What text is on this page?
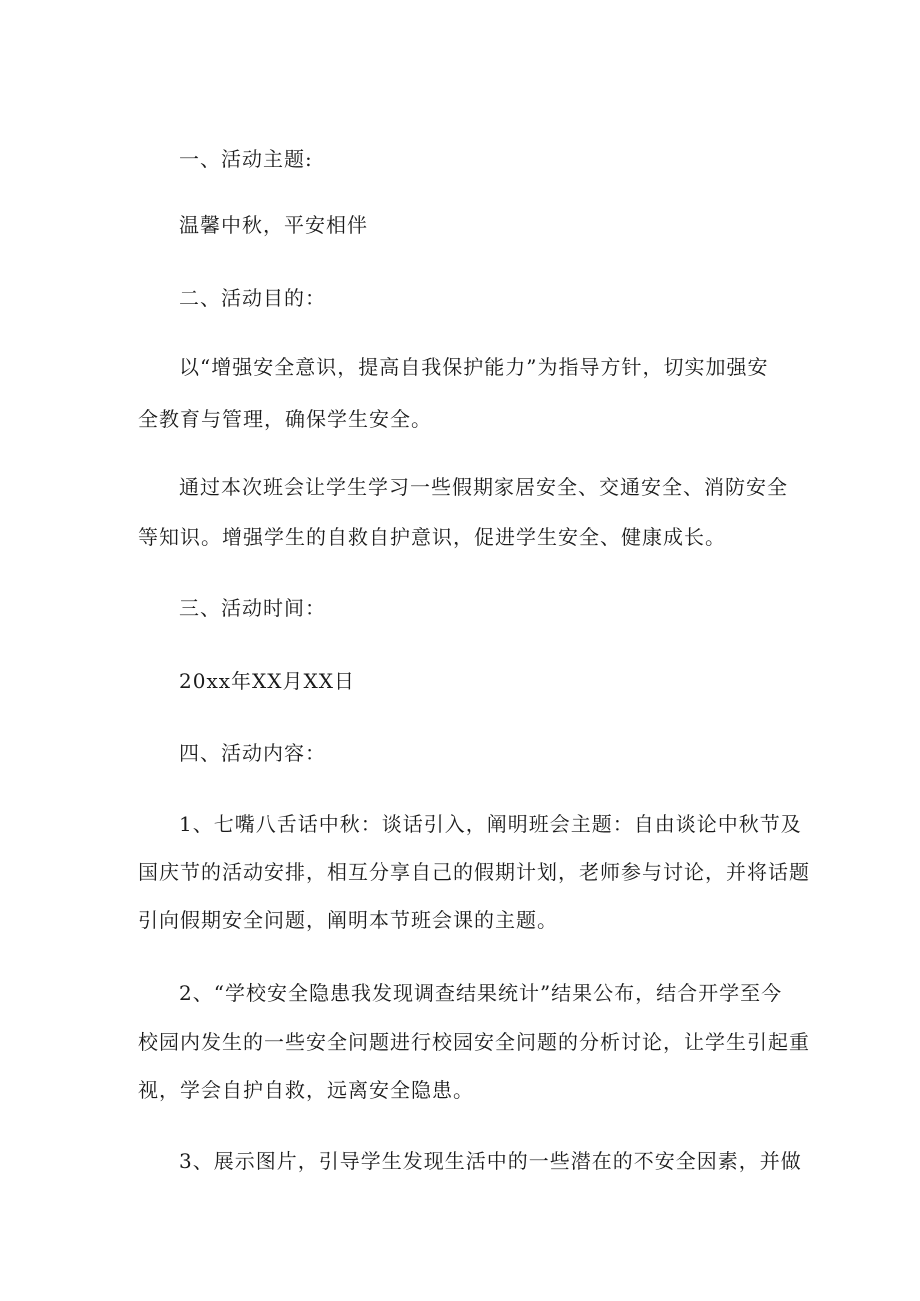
一、活动主题:
温馨中秋，平安相伴
二、活动目的：
以“增强安全意识，提高自我保护能力”为指导方针，切实加强安
全教育与管理，确保学生安全。
通过本次班会让学生学习一些假期家居安全、交通安全、消防安全
等知识。增强学生的自救自护意识，促进学生安全、健康成长。
三、活动时间：
20xx年XX月XX日
四、活动内容：
1、七嘴八舌话中秋：谈话引入，阐明班会主题：自由谈论中秋节及
国庆节的活动安排，相互分享自己的假期计划，老师参与讨论，并将话题
引向假期安全问题，阐明本节班会课的主题。
2、“学校安全隐患我发现调查结果统计”结果公布，结合开学至今
校园内发生的一些安全问题进行校园安全问题的分析讨论，让学生引起重
视，学会自护自救，远离安全隐患。
3、展示图片，引导学生发现生活中的一些潜在的不安全因素，并做
